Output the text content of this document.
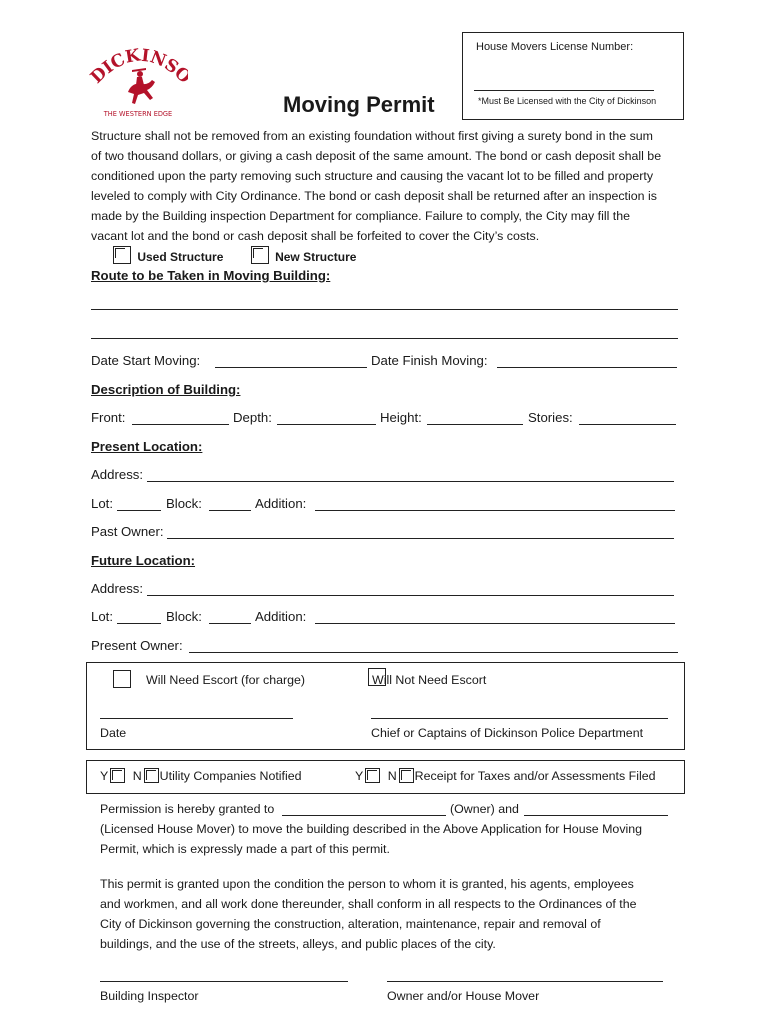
DICKINS
THE WESTERN EDGE	Moving Permit
House Movers License Number:
*Must Be Licensed with the City of Dickinson

Structure shall not be removed from an existing foundation without first giving a surety bond in the sum

of two thousand dollars, or giving a cash deposit of the same amount. The bond or cash deposit shall be

conditioned upon the party removing such structure and causing the vacant lot to be filled and property

leveled to comply with City Ordinance. The bond or cash deposit shall be returned after an inspection is

made by the Building inspection Department for compliance. Failure to comply, the City may fill the

vacant lot and the bond or cash deposit shall be forfeited to cover the City’s costs.

Used Structure	New Structure
Route to be Taken in Moving Building:
Date Start Moving:	Date Finish Moving:
Description of Building:
Front:	Depth:	Height:	Stories:
Present Location:
Address:
Lot:	Block:	Addition:
Past Owner:
Future Location:
Address:
Lot:	Block:	Addition:
Present Owner:

Will Need Escort (for charge)	Will Not Need Escort
Date	Chief or Captains of Dickinson Police Department
Y N Utility Companies Notified	Y N Receipt for Taxes and/or Assessments Filed
Permission is hereby granted to	(Owner) and
(Licensed House Mover) to move the building described in the Above Application for House Moving
Permit, which is expressly made a part of this permit.

This permit is granted upon the condition the person to whom it is granted, his agents, employees

and workmen, and all work done thereunder, shall conform in all respects to the Ordinances of the

City of Dickinson governing the construction, alteration, maintenance, repair and removal of

buildings, and the use of the streets, alleys, and public places of the city.

Building Inspector	Owner and/or House Mover
